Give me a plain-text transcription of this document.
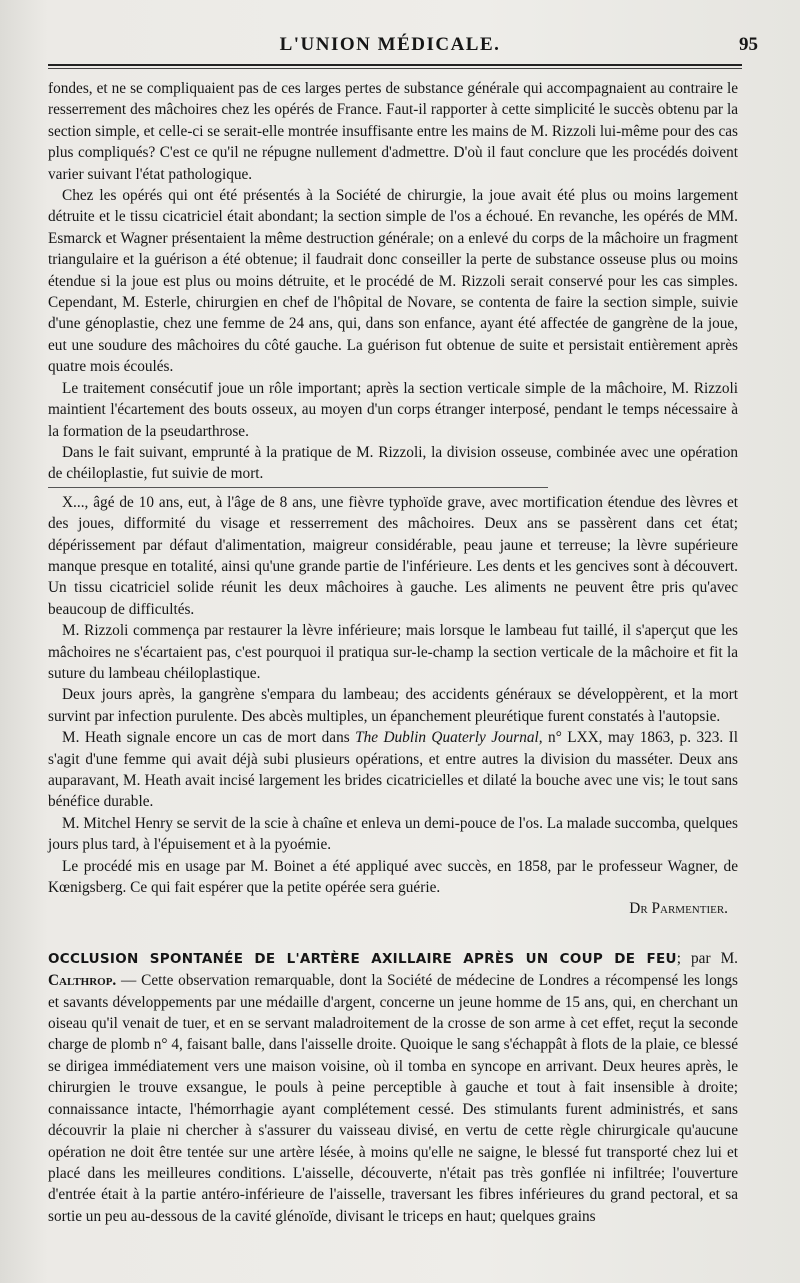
L'UNION MÉDICALE.	95

fondes, et ne se compliquaient pas de ces larges pertes de substance générale qui accompagnaient au contraire le resserrement des mâchoires chez les opérés de France. Faut-il rapporter à cette simplicité le succès obtenu par la section simple, et celle-ci se serait-elle montrée insuffisante entre les mains de M. Rizzoli lui-même pour des cas plus compliqués? C'est ce qu'il ne répugne nullement d'admettre. D'où il faut conclure que les procédés doivent varier suivant l'état pathologique.

Chez les opérés qui ont été présentés à la Société de chirurgie, la joue avait été plus ou moins largement détruite et le tissu cicatriciel était abondant; la section simple de l'os a échoué. En revanche, les opérés de MM. Esmarck et Wagner présentaient la même destruction générale; on a enlevé du corps de la mâchoire un fragment triangulaire et la guérison a été obtenue; il faudrait donc conseiller la perte de substance osseuse plus ou moins étendue si la joue est plus ou moins détruite, et le procédé de M. Rizzoli serait conservé pour les cas simples. Cependant, M. Esterle, chirurgien en chef de l'hôpital de Novare, se contenta de faire la section simple, suivie d'une génoplastie, chez une femme de 24 ans, qui, dans son enfance, ayant été affectée de gangrène de la joue, eut une soudure des mâchoires du côté gauche. La guérison fut obtenue de suite et persistait entièrement après quatre mois écoulés.

Le traitement consécutif joue un rôle important; après la section verticale simple de la mâchoire, M. Rizzoli maintient l'écartement des bouts osseux, au moyen d'un corps étranger interposé, pendant le temps nécessaire à la formation de la pseudarthrose.

Dans le fait suivant, emprunté à la pratique de M. Rizzoli, la division osseuse, combinée avec une opération de chéiloplastie, fut suivie de mort.

X..., âgé de 10 ans, eut, à l'âge de 8 ans, une fièvre typhoïde grave, avec mortification étendue des lèvres et des joues, difformité du visage et resserrement des mâchoires. Deux ans se passèrent dans cet état; dépérissement par défaut d'alimentation, maigreur considérable, peau jaune et terreuse; la lèvre supérieure manque presque en totalité, ainsi qu'une grande partie de l'inférieure. Les dents et les gencives sont à découvert. Un tissu cicatriciel solide réunit les deux mâchoires à gauche. Les aliments ne peuvent être pris qu'avec beaucoup de difficultés.

M. Rizzoli commença par restaurer la lèvre inférieure; mais lorsque le lambeau fut taillé, il s'aperçut que les mâchoires ne s'écartaient pas, c'est pourquoi il pratiqua sur-le-champ la section verticale de la mâchoire et fit la suture du lambeau chéiloplastique.

Deux jours après, la gangrène s'empara du lambeau; des accidents généraux se développèrent, et la mort survint par infection purulente. Des abcès multiples, un épanchement pleurétique furent constatés à l'autopsie.

M. Heath signale encore un cas de mort dans The Dublin Quaterly Journal, n° LXX, may 1863, p. 323. Il s'agit d'une femme qui avait déjà subi plusieurs opérations, et entre autres la division du masséter. Deux ans auparavant, M. Heath avait incisé largement les brides cicatricielles et dilaté la bouche avec une vis; le tout sans bénéfice durable.

M. Mitchel Henry se servit de la scie à chaîne et enleva un demi-pouce de l'os. La malade succomba, quelques jours plus tard, à l'épuisement et à la pyoémie.

Le procédé mis en usage par M. Boinet a été appliqué avec succès, en 1858, par le professeur Wagner, de Kœnigsberg. Ce qui fait espérer que la petite opérée sera guérie.

Dr Parmentier.

OCCLUSION SPONTANÉE DE L'ARTÈRE AXILLAIRE APRÈS UN COUP DE FEU; par M. Calthrop. — Cette observation remarquable, dont la Société de médecine de Londres a récompensé les longs et savants développements par une médaille d'argent, concerne un jeune homme de 15 ans, qui, en cherchant un oiseau qu'il venait de tuer, et en se servant maladroitement de la crosse de son arme à cet effet, reçut la seconde charge de plomb n° 4, faisant balle, dans l'aisselle droite. Quoique le sang s'échappât à flots de la plaie, ce blessé se dirigea immédiatement vers une maison voisine, où il tomba en syncope en arrivant. Deux heures après, le chirurgien le trouve exsangue, le pouls à peine perceptible à gauche et tout à fait insensible à droite; connaissance intacte, l'hémorrhagie ayant complétement cessé. Des stimulants furent administrés, et sans découvrir la plaie ni chercher à s'assurer du vaisseau divisé, en vertu de cette règle chirurgicale qu'aucune opération ne doit être tentée sur une artère lésée, à moins qu'elle ne saigne, le blessé fut transporté chez lui et placé dans les meilleures conditions. L'aisselle, découverte, n'était pas très gonflée ni infiltrée; l'ouverture d'entrée était à la partie antéro-inférieure de l'aisselle, traversant les fibres inférieures du grand pectoral, et sa sortie un peu au-dessous de la cavité glénoïde, divisant le triceps en haut; quelques grains
